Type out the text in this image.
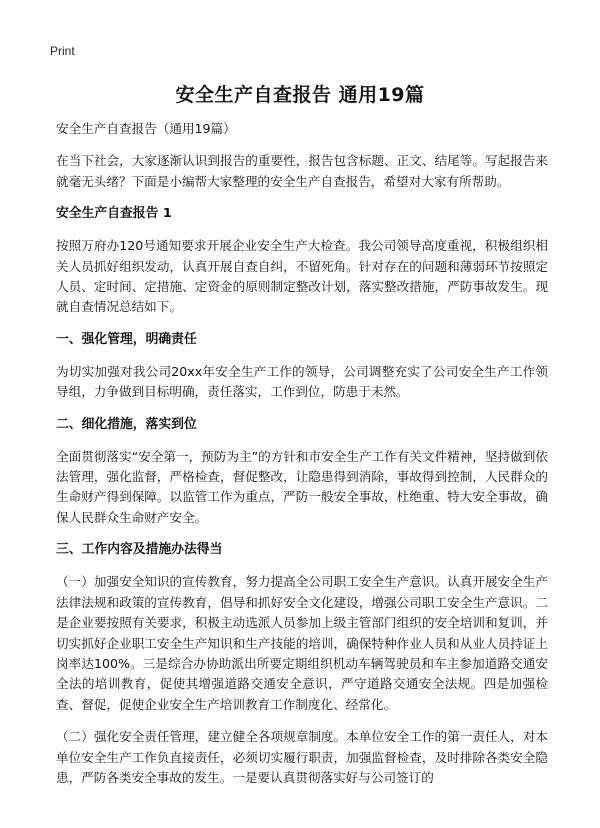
Print
安全生产自查报告 通用19篇

安全生产自查报告（通用19篇）

在当下社会，大家逐渐认识到报告的重要性，报告包含标题、正文、结尾等。写起报告来就毫无头绪？下面是小编帮大家整理的安全生产自查报告，希望对大家有所帮助。

安全生产自查报告 1

按照万府办120号通知要求开展企业安全生产大检查。我公司领导高度重视，积极组织相关人员抓好组织发动，认真开展自查自纠，不留死角。针对存在的问题和薄弱环节按照定人员、定时间、定措施、定资金的原则制定整改计划，落实整改措施，严防事故发生。现就自查情况总结如下。

一、强化管理，明确责任

为切实加强对我公司20xx年安全生产工作的领导，公司调整充实了公司安全生产工作领导组，力争做到目标明确，责任落实，工作到位，防患于未然。

二、细化措施，落实到位

全面贯彻落实“安全第一，预防为主”的方针和市安全生产工作有关文件精神，坚持做到依法管理，强化监督，严格检查，督促整改，让隐患得到消除，事故得到控制，人民群众的生命财产得到保障。以监管工作为重点，严防一般安全事故，杜绝重、特大安全事故，确保人民群众生命财产安全。

三、工作内容及措施办法得当

（一）加强安全知识的宣传教育，努力提高全公司职工安全生产意识。认真开展安全生产法律法规和政策的宣传教育，倡导和抓好安全文化建设，增强公司职工安全生产意识。二是企业要按照有关要求，积极主动选派人员参加上级主管部门组织的安全培训和复训，并切实抓好企业职工安全生产知识和生产技能的培训，确保特种作业人员和从业人员持证上岗率达100%。三是综合办协助派出所要定期组织机动车辆驾驶员和车主参加道路交通安全法的培训教育，促使其增强道路交通安全意识，严守道路交通安全法规。四是加强检查、督促，促使企业安全生产培训教育工作制度化、经常化。

（二）强化安全责任管理，建立健全各项规章制度。本单位安全工作的第一责任人，对本单位安全生产工作负直接责任，必须切实履行职责，加强监督检查，及时排除各类安全隐患，严防各类安全事故的发生。一是要认真贯彻落实好与公司签订的
